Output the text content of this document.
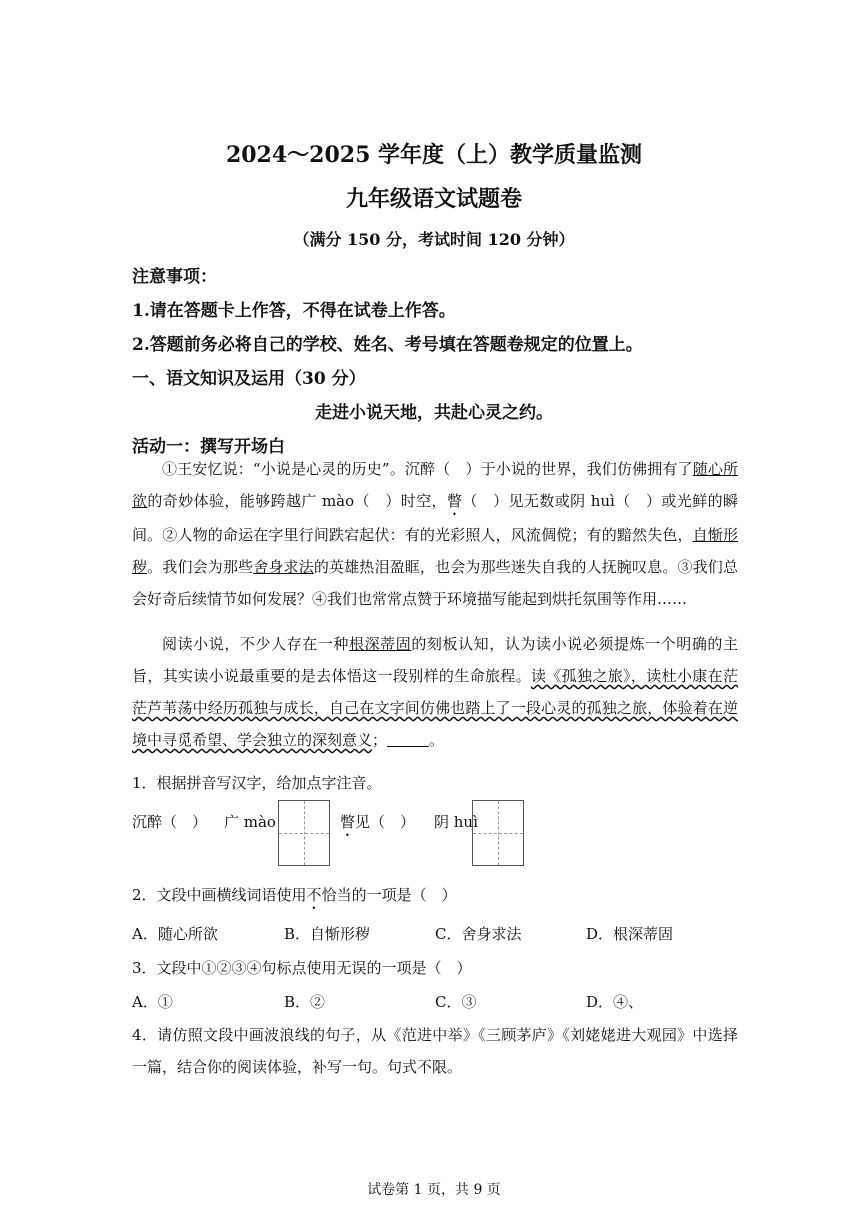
2024～2025 学年度（上）教学质量监测
九年级语文试题卷
（满分 150 分，考试时间 120 分钟）
注意事项：
1.请在答题卡上作答，不得在试卷上作答。
2.答题前务必将自己的学校、姓名、考号填在答题卷规定的位置上。
一、语文知识及运用（30 分）
走进小说天地，共赴心灵之约。
活动一：撰写开场白
①王安忆说：“小说是心灵的历史”。沉醉（　）于小说的世界，我们仿佛拥有了随心所欲的奇妙体验，能够跨越广 mào（　）时空，瞥（　）见无数或阴 huì（　）或光鲜的瞬间。②人物的命运在字里行间跌宕起伏：有的光彩照人，风流倜傥；有的黯然失色，自惭形秽。我们会为那些舍身求法的英雄热泪盈眶，也会为那些迷失自我的人抚腕叹息。③我们总会好奇后续情节如何发展？④我们也常常点赞于环境描写能起到烘托氛围等作用……
阅读小说，不少人存在一种根深蒂固的刻板认知，认为读小说必须提炼一个明确的主旨，其实读小说最重要的是去体悟这一段别样的生命旅程。读《孤独之旅》，读杜小康在茫茫芦苇荡中经历孤独与成长，自己在文字间仿佛也踏上了一段心灵的孤独之旅，体验着在逆境中寻觅希望、学会独立的深刻意义；	。
1．根据拼音写汉字，给加点字注音。
沉醉（　） 广 mào	瞥见（　） 阴 huì
2．文段中画横线词语使用不恰当的一项是（　）
A．随心所欲	B．自惭形秽	C．舍身求法	D．根深蒂固
3．文段中①②③④句标点使用无误的一项是（　）
A．①	B．②	C．③	D．④、
4．请仿照文段中画波浪线的句子，从《范进中举》《三顾茅庐》《刘姥姥进大观园》中选择一篇，结合你的阅读体验，补写一句。句式不限。
试卷第 1 页，共 9 页
